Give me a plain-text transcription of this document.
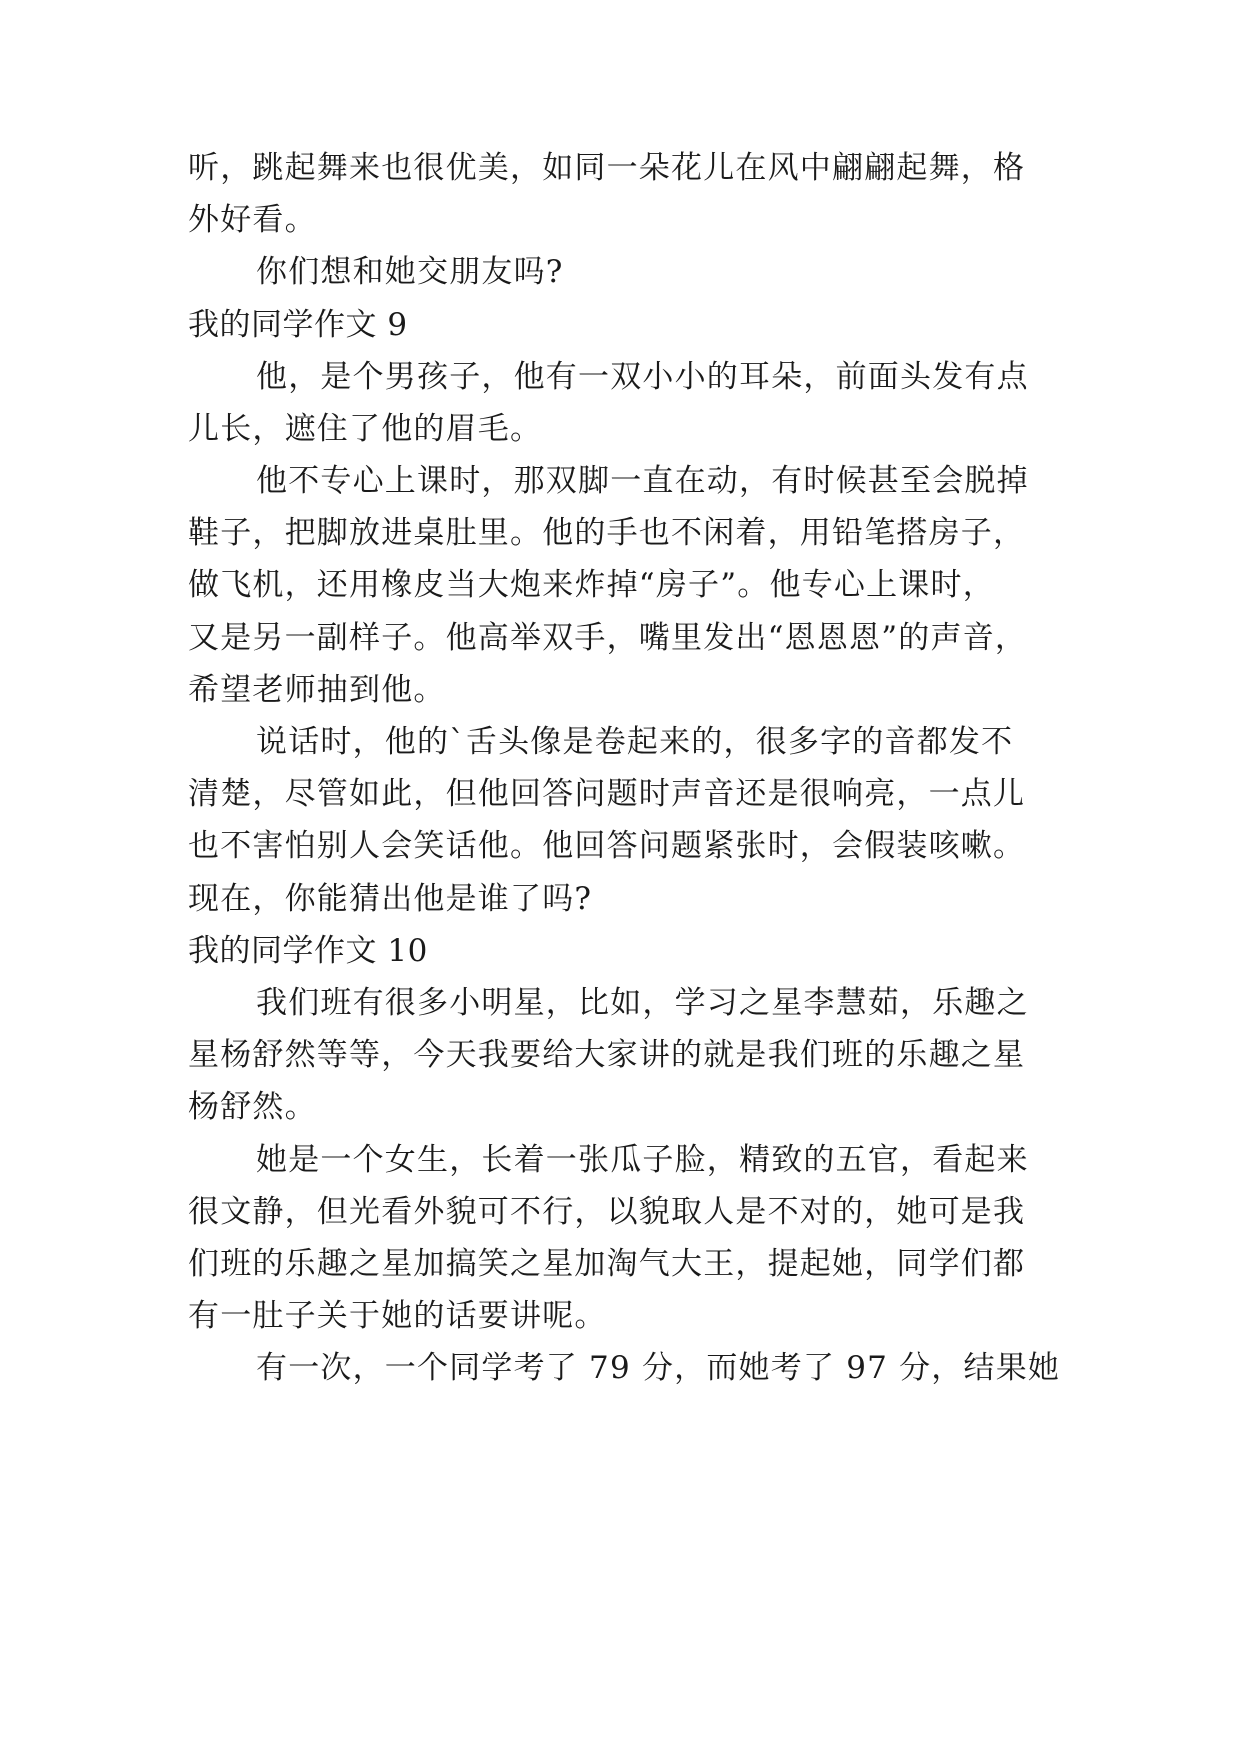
听，跳起舞来也很优美，如同一朵花儿在风中翩翩起舞，格
外好看。
你们想和她交朋友吗?
我的同学作文 9
他，是个男孩子，他有一双小小的耳朵，前面头发有点
儿长，遮住了他的眉毛。
他不专心上课时，那双脚一直在动，有时候甚至会脱掉
鞋子，把脚放进桌肚里。他的手也不闲着，用铅笔搭房子，
做飞机，还用橡皮当大炮来炸掉“房子”。他专心上课时，
又是另一副样子。他高举双手，嘴里发出“恩恩恩”的声音，
希望老师抽到他。
说话时，他的`舌头像是卷起来的，很多字的音都发不
清楚，尽管如此，但他回答问题时声音还是很响亮，一点儿
也不害怕别人会笑话他。他回答问题紧张时，会假装咳嗽。
现在，你能猜出他是谁了吗?
我的同学作文 10
我们班有很多小明星，比如，学习之星李慧茹，乐趣之
星杨舒然等等，今天我要给大家讲的就是我们班的乐趣之星
杨舒然。
她是一个女生，长着一张瓜子脸，精致的五官，看起来
很文静，但光看外貌可不行，以貌取人是不对的，她可是我
们班的乐趣之星加搞笑之星加淘气大王，提起她，同学们都
有一肚子关于她的话要讲呢。
有一次，一个同学考了 79 分，而她考了 97 分，结果她
